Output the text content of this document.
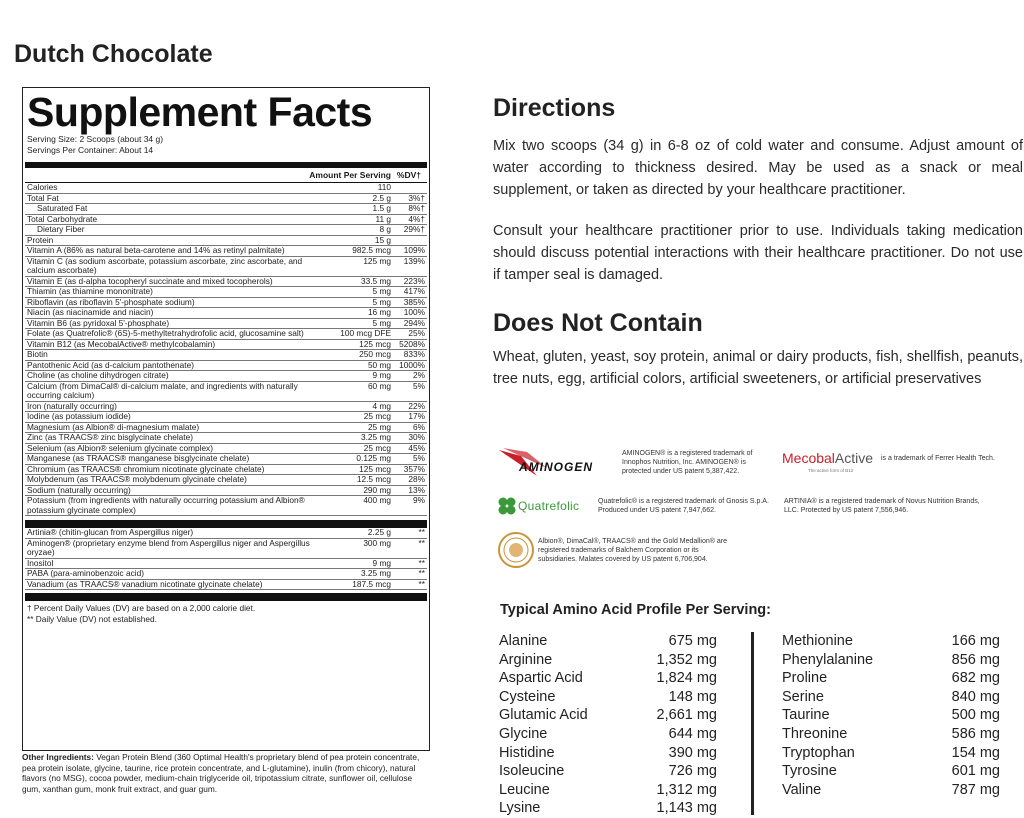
Dutch Chocolate
Supplement Facts
Serving Size: 2 Scoops (about 34 g)
Servings Per Container: About 14
Amount Per Serving %DV†
Calories	110
Total Fat	2.5 g	3%†
Saturated Fat	1.5 g	8%†
Total Carbohydrate	11 g	4%†
Dietary Fiber	8 g	29%†
Protein	15 g
Vitamin A (86% as natural beta-carotene and 14% as retinyl palmitate)	982.5 mcg	109%
Vitamin C (as sodium ascorbate, potassium ascorbate, zinc ascorbate, and calcium ascorbate)
125 mg	139%
Vitamin E (as d-alpha tocopheryl succinate and mixed tocopherols)	33.5 mg	223%
Thiamin (as thiamine mononitrate)	5 mg	417%
Riboflavin (as riboflavin 5'-phosphate sodium)	5 mg	385%
Niacin (as niacinamide and niacin)	16 mg	100%
Vitamin B6 (as pyridoxal 5'-phosphate)	5 mg	294%
Folate (as Quatrefolic® (6S)-5-methyltetrahydrofolic acid, glucosamine salt)	100 mcg DFE	25%
Vitamin B12 (as MecobalActive® methylcobalamin)	125 mcg 5208%
Biotin	250 mcg	833%
Pantothenic Acid (as d-calcium pantothenate)	50 mg 1000%
Choline (as choline dihydrogen citrate)	9 mg	2%
Calcium (from DimaCal® di-calcium malate, and ingredients with naturally occurring calcium)
60 mg	5%
Iron (naturally occurring)	4 mg	22%
Iodine (as potassium iodide)	25 mcg	17%
Magnesium (as Albion® di-magnesium malate)	25 mg	6%
Zinc (as TRAACS® zinc bisglycinate chelate)	3.25 mg	30%
Selenium (as Albion® selenium glycinate complex)	25 mcg	45%
Manganese (as TRAACS® manganese bisglycinate chelate)	0.125 mg	5%
Chromium (as TRAACS® chromium nicotinate glycinate chelate)	125 mcg	357%
Molybdenum (as TRAACS® molybdenum glycinate chelate)	12.5 mcg	28%
Sodium (naturally occurring)	290 mg	13%
Potassium (from ingredients with naturally occurring potassium and Albion® potassium glycinate complex)
400 mg	9%
Artinia® (chitin-glucan from Aspergillus niger)	2.25 g	**
Aminogen® (proprietary enzyme blend from Aspergillus niger and Aspergillus oryzae)
300 mg	**
Inositol	9 mg	**
PABA (para-aminobenzoic acid)	3.25 mg	**
Vanadium (as TRAACS® vanadium nicotinate glycinate chelate)	187.5 mcg	**
† Percent Daily Values (DV) are based on a 2,000 calorie diet.
** Daily Value (DV) not established.
Other Ingredients: Vegan Protein Blend (360 Optimal Health's proprietary blend of pea protein concentrate, pea protein isolate, glycine, taurine, rice protein concentrate, and L-glutamine), inulin (from chicory), natural flavors (no MSG), cocoa powder, medium-chain triglyceride oil, tripotassium citrate, sunflower oil, cellulose gum, xanthan gum, monk fruit extract, and guar gum.
Directions
Mix two scoops (34 g) in 6-8 oz of cold water and consume. Adjust amount of water according to thickness desired. May be used as a snack or meal supplement, or taken as directed by your healthcare practitioner.
Consult your healthcare practitioner prior to use. Individuals taking medication should discuss potential interactions with their healthcare practitioner. Do not use if tamper seal is damaged.
Does Not Contain
Wheat, gluten, yeast, soy protein, animal or dairy products, fish, shellfish, peanuts, tree nuts, egg, artificial colors, artificial sweeteners, or artificial preservatives
AMINOGEN
AMINOGEN® is a registered trademark of Innophos Nutrition, Inc. AMINOGEN® is protected under US patent 5,387,422.
MecobalActive
The active form of B12
is a trademark of Ferrer Health Tech.
Quatrefolic	Quatrefolic® is a registered trademark of Gnosis S.p.A. Produced under US patent 7,947,662.
ARTINIA® is a registered trademark of Novus Nutrition Brands, LLC. Protected by US patent 7,556,946.
Albion®, DimaCal®, TRAACS® and the Gold Medallion® are registered trademarks of Balchem Corporation or its subsidiaries. Malates covered by US patent 6,706,904.
Typical Amino Acid Profile Per Serving:
Alanine	675 mg
Arginine	1,352 mg
Aspartic Acid	1,824 mg
Cysteine	148 mg
Glutamic Acid	2,661 mg
Glycine	644 mg
Histidine	390 mg
Isoleucine	726 mg
Leucine	1,312 mg
Lysine	1,143 mg
Methionine	166 mg
Phenylalanine	856 mg
Proline	682 mg
Serine	840 mg
Taurine	500 mg
Threonine	586 mg
Tryptophan	154 mg
Tyrosine	601 mg
Valine	787 mg
